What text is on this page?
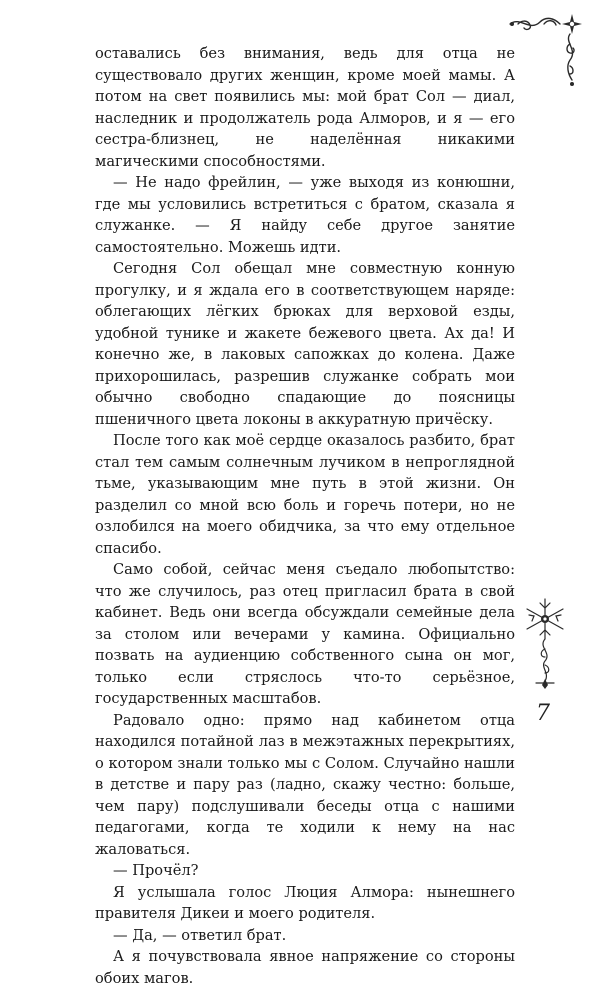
оставались без внимания, ведь для отца не существовало других женщин, кроме моей мамы. А потом на свет появились мы: мой брат Сол — диал, наследник и продолжатель рода Алморов, и я — его сестра-близнец, не наделённая никакими магическими способностями.

— Не надо фрейлин, — уже выходя из конюшни, где мы условились встретиться с братом, сказала я служанке. — Я найду себе другое занятие самостоятельно. Можешь идти.

Сегодня Сол обещал мне совместную конную прогулку, и я ждала его в соответствующем наряде: облегающих лёгких брюках для верховой езды, удобной тунике и жакете бежевого цвета. Ах да! И конечно же, в лаковых сапожках до колена. Даже прихорошилась, разрешив служанке собрать мои обычно свободно спадающие до поясницы пшеничного цвета локоны в аккуратную причёску.

После того как моё сердце оказалось разбито, брат стал тем самым солнечным лучиком в непроглядной тьме, указывающим мне путь в этой жизни. Он разделил со мной всю боль и горечь потери, но не озлобился на моего обидчика, за что ему отдельное спасибо.

Само собой, сейчас меня съедало любопытство: что же случилось, раз отец пригласил брата в свой кабинет. Ведь они всегда обсуждали семейные дела за столом или вечерами у камина. Официально позвать на аудиенцию собственного сына он мог, только если стряслось что-то серьёзное, государственных масштабов.

Радовало одно: прямо над кабинетом отца находился потайной лаз в межэтажных перекрытиях, о котором знали только мы с Солом. Случайно нашли в детстве и пару раз (ладно, скажу честно: больше, чем пару) подслушивали беседы отца с нашими педагогами, когда те ходили к нему на нас жаловаться.

— Прочёл?

Я услышала голос Люция Алмора: нынешнего правителя Дикеи и моего родителя.

— Да, — ответил брат.

А я почувствовала явное напряжение со стороны обоих магов.

7
